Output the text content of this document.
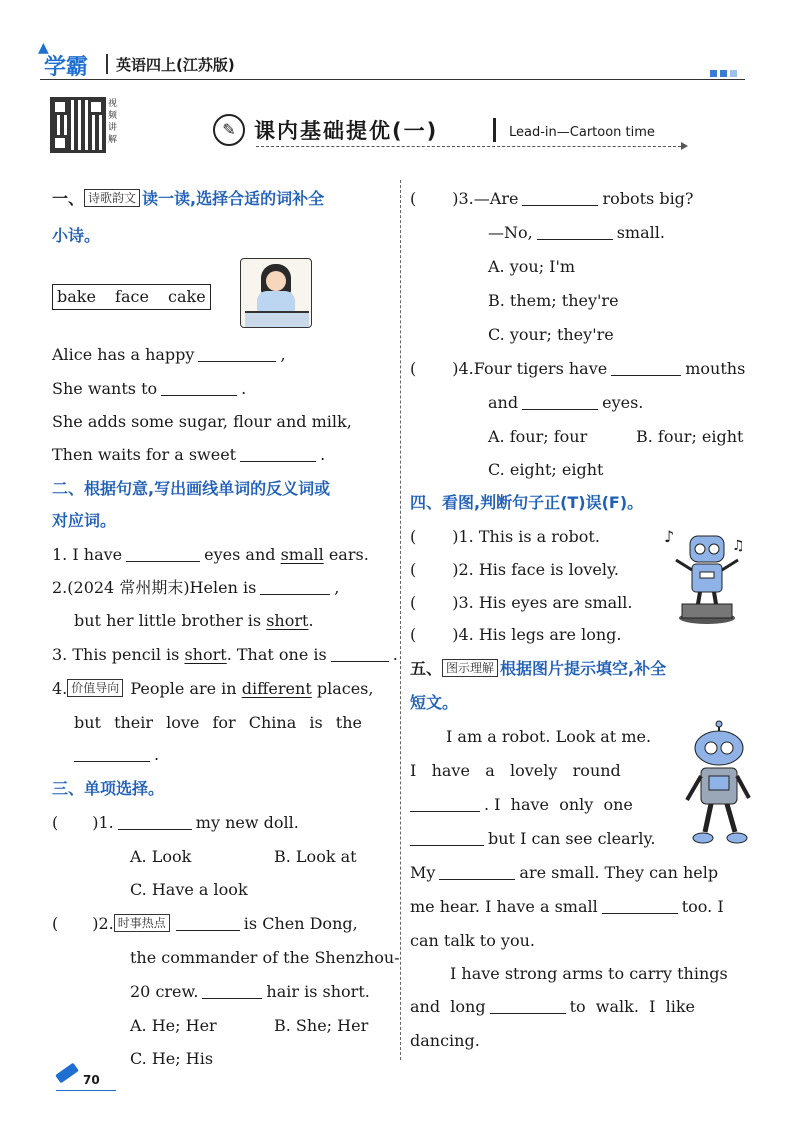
▲
学霸 英语四上(江苏版)
视频讲解
✎ 课内基础提优(一)	Lead-in—Cartoon time
一、 诗歌韵文 读一读,选择合适的词补全
小诗。
bake face cake
Alice has a happy	,
She wants to	.
She adds some sugar, flour and milk,
Then waits for a sweet	.
二、根据句意,写出画线单词的反义词或
对应词。
1. I have	eyes and small ears.
2.(2024 常州期末)Helen is	,
but her little brother is short.
3. This pencil is short. That one is	.
4. 价值导向 People are in different places,
but their love for China is the
.
三、单项选择。
( )1.	my new doll.
A. Look	B. Look at
C. Have a look
( )2. 时事热点	is Chen Dong,
the commander of the Shenzhou-
20 crew.	hair is short.
A. He; Her	B. She; Her
C. He; His
( )3.—Are	robots big?
—No,	small.
A. you; I'm
B. them; they're
C. your; they're
( )4.Four tigers have	mouths
and	eyes.
A. four; four	B. four; eight
C. eight; eight
四、看图,判断句子正(T)误(F)。
( )1. This is a robot.
( )2. His face is lovely.
( )3. His eyes are small.
( )4. His legs are long.
♪	♫
五、 图示理解 根据图片提示填空,补全
短文。
I am a robot. Look at me.
I   have   a   lovely   round
. I  have  only  one
but I can see clearly.
My	are small. They can help
me hear. I have a small	too. I
can talk to you.
I have strong arms to carry things
and  long	to  walk.  I  like
dancing.
70
